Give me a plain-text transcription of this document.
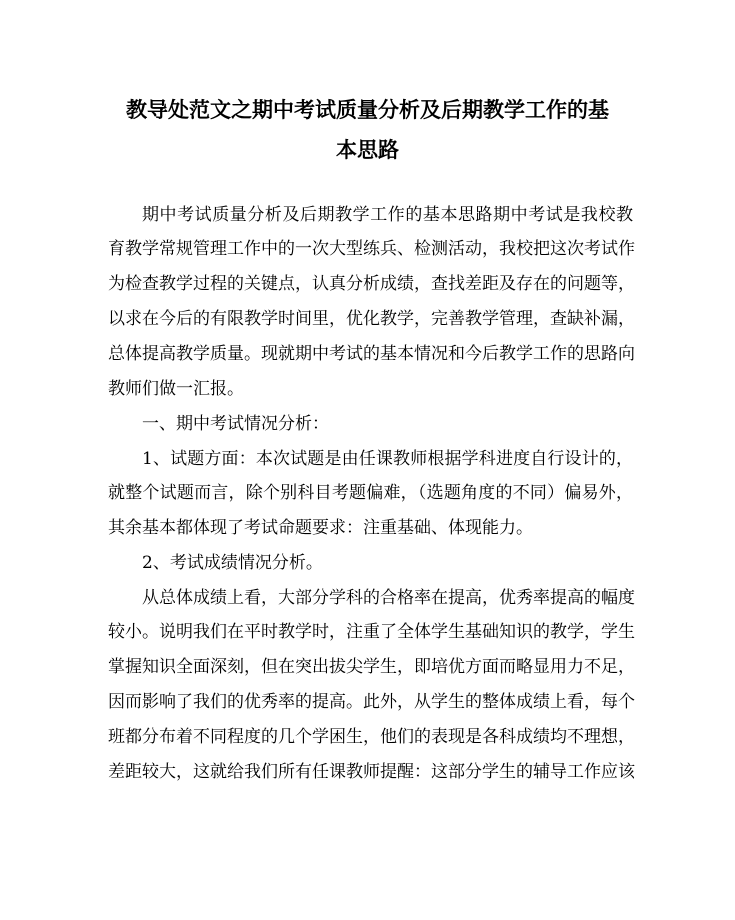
教导处范文之期中考试质量分析及后期教学工作的基
本思路

期中考试质量分析及后期教学工作的基本思路期中考试是我校教

育教学常规管理工作中的一次大型练兵、检测活动，我校把这次考试作

为检查教学过程的关键点，认真分析成绩，查找差距及存在的问题等，

以求在今后的有限教学时间里，优化教学，完善教学管理，查缺补漏，

总体提高教学质量。现就期中考试的基本情况和今后教学工作的思路向

教师们做一汇报。

一、期中考试情况分析：

1、试题方面：本次试题是由任课教师根据学科进度自行设计的，

就整个试题而言，除个别科目考题偏难，（选题角度的不同）偏易外，

其余基本都体现了考试命题要求：注重基础、体现能力。

2、考试成绩情况分析。

从总体成绩上看，大部分学科的合格率在提高，优秀率提高的幅度

较小。说明我们在平时教学时，注重了全体学生基础知识的教学，学生

掌握知识全面深刻，但在突出拔尖学生，即培优方面而略显用力不足，

因而影响了我们的优秀率的提高。此外，从学生的整体成绩上看，每个

班都分布着不同程度的几个学困生，他们的表现是各科成绩均不理想，

差距较大，这就给我们所有任课教师提醒：这部分学生的辅导工作应该
